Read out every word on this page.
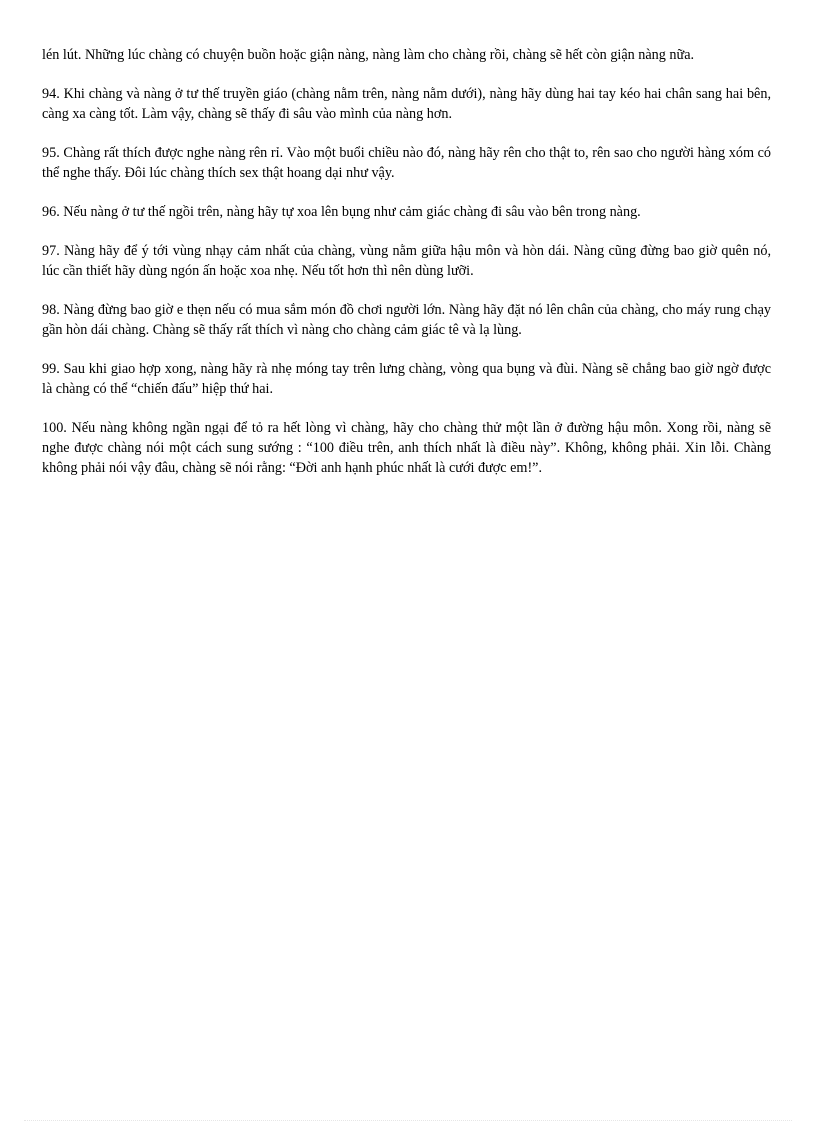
lén lút. Những lúc chàng có chuyện buồn hoặc giận nàng, nàng làm cho chàng rồi, chàng sẽ hết còn giận nàng nữa.

94. Khi chàng và nàng ở tư thế truyền giáo (chàng nằm trên, nàng nằm dưới), nàng hãy dùng hai tay kéo hai chân sang hai bên, càng xa càng tốt. Làm vậy, chàng sẽ thấy đi sâu vào mình của nàng hơn.

95. Chàng rất thích được nghe nàng rên rỉ. Vào một buổi chiều nào đó, nàng hãy rên cho thật to, rên sao cho người hàng xóm có thể nghe thấy. Đôi lúc chàng thích sex thật hoang dại như vậy.

96. Nếu nàng ở tư thế ngồi trên, nàng hãy tự xoa lên bụng như cảm giác chàng đi sâu vào bên trong nàng.

97. Nàng hãy để ý tới vùng nhạy cảm nhất của chàng, vùng nằm giữa hậu môn và hòn dái. Nàng cũng đừng bao giờ quên nó, lúc cần thiết hãy dùng ngón ấn hoặc xoa nhẹ. Nếu tốt hơn thì nên dùng lưỡi.

98. Nàng đừng bao giờ e thẹn nếu có mua sắm món đồ chơi người lớn. Nàng hãy đặt nó lên chân của chàng, cho máy rung chạy gần hòn dái chàng. Chàng sẽ thấy rất thích vì nàng cho chàng cảm giác tê và lạ lùng.

99. Sau khi giao hợp xong, nàng hãy rà nhẹ móng tay trên lưng chàng, vòng qua bụng và đùi. Nàng sẽ chẳng bao giờ ngờ được là chàng có thể “chiến đấu” hiệp thứ hai.

100. Nếu nàng không ngần ngại để tỏ ra hết lòng vì chàng, hãy cho chàng thử một lần ở đường hậu môn. Xong rồi, nàng sẽ nghe được chàng nói một cách sung sướng : “100 điều trên, anh thích nhất là điều này”. Không, không phải. Xin lỗi. Chàng không phải nói vậy đâu, chàng sẽ nói rằng: “Đời anh hạnh phúc nhất là cưới được em!”.
